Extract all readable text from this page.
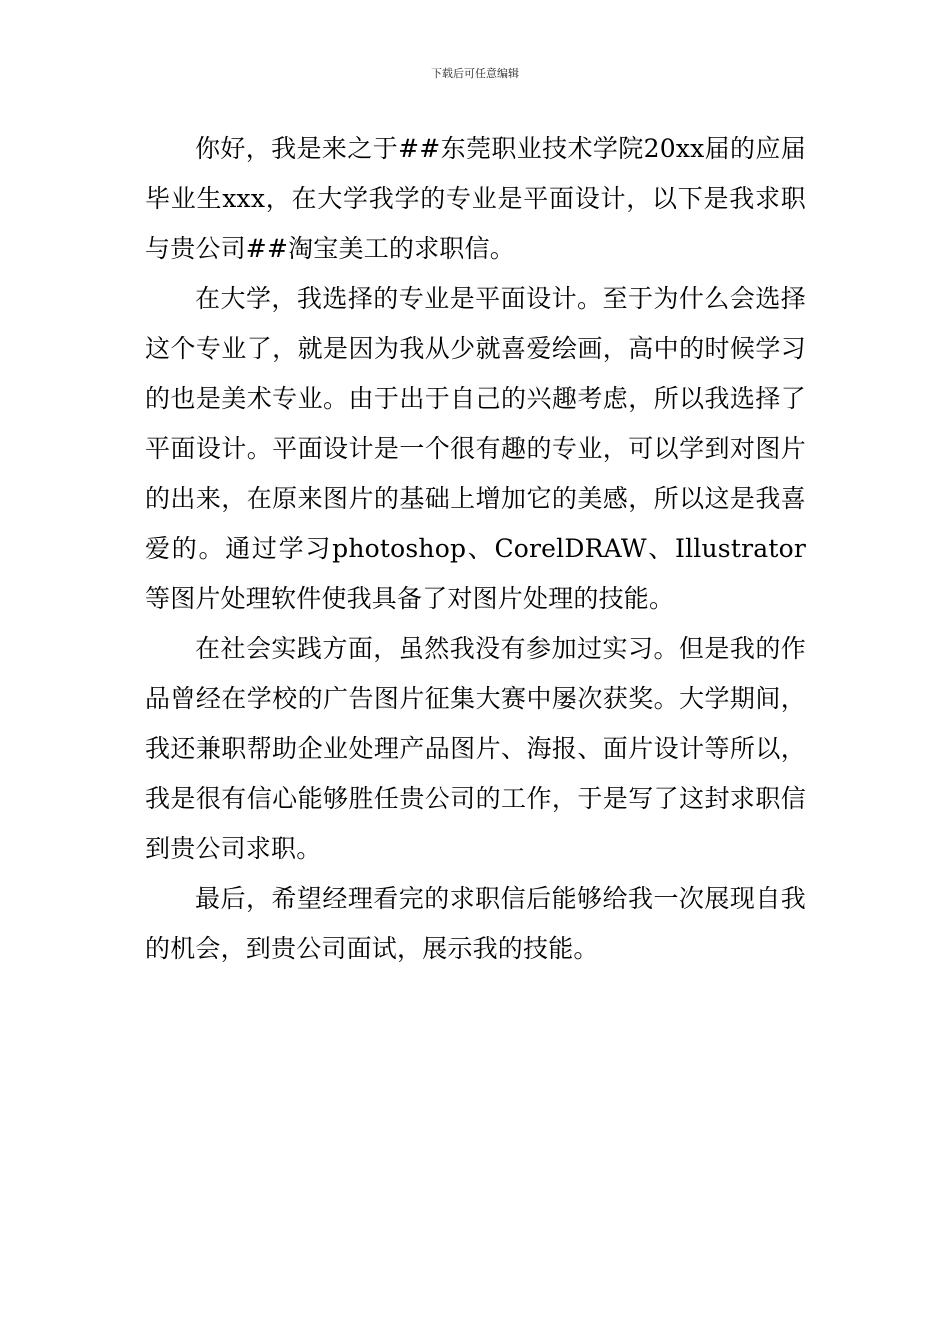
下载后可任意编辑

你好，我是来之于##东莞职业技术学院20xx届的应届毕业生xxx，在大学我学的专业是平面设计，以下是我求职与贵公司##淘宝美工的求职信。

在大学，我选择的专业是平面设计。至于为什么会选择这个专业了，就是因为我从少就喜爱绘画，高中的时候学习的也是美术专业。由于出于自己的兴趣考虑，所以我选择了平面设计。平面设计是一个很有趣的专业，可以学到对图片的出来，在原来图片的基础上增加它的美感，所以这是我喜爱的。通过学习photoshop、CorelDRAW、Illustrator等图片处理软件使我具备了对图片处理的技能。

在社会实践方面，虽然我没有参加过实习。但是我的作品曾经在学校的广告图片征集大赛中屡次获奖。大学期间，我还兼职帮助企业处理产品图片、海报、面片设计等所以，我是很有信心能够胜任贵公司的工作，于是写了这封求职信到贵公司求职。

最后，希望经理看完的求职信后能够给我一次展现自我的机会，到贵公司面试，展示我的技能。
